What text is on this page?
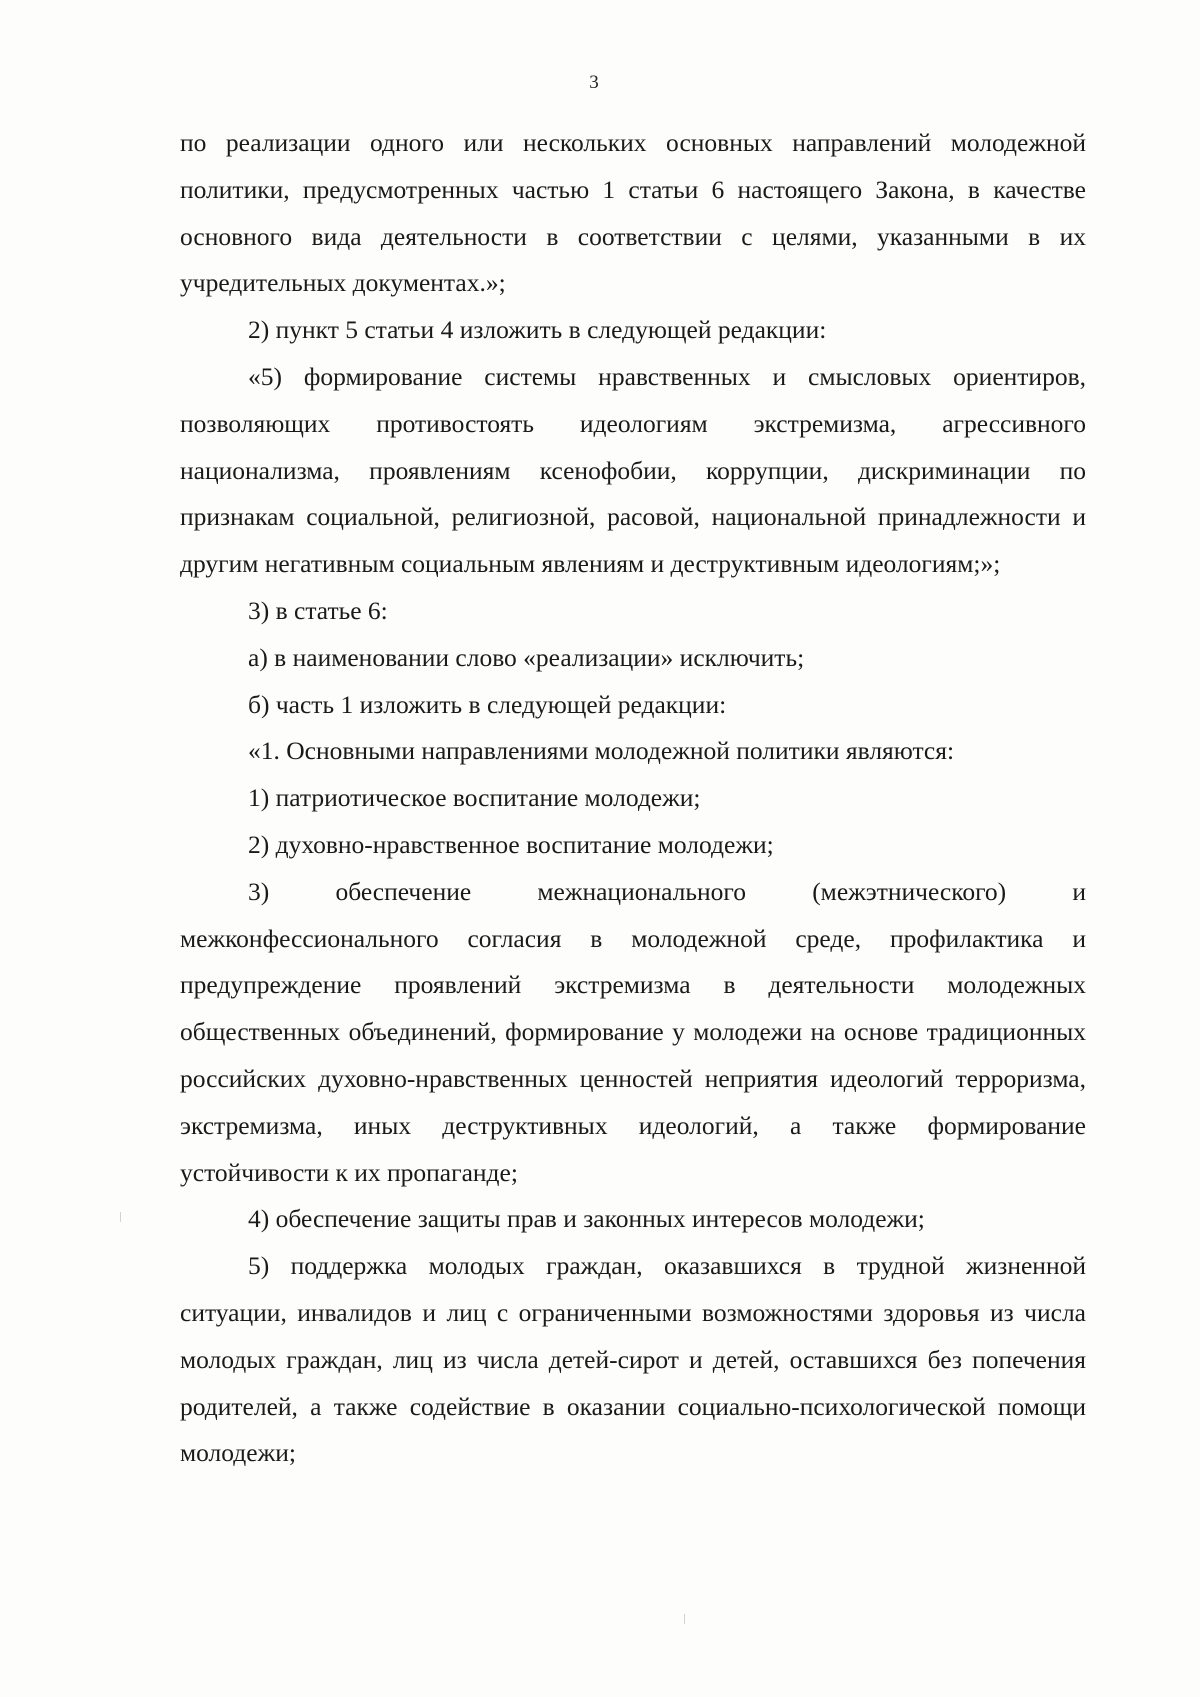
3

по реализации одного или нескольких основных направлений молодежной политики, предусмотренных частью 1 статьи 6 настоящего Закона, в качестве основного вида деятельности в соответствии с целями, указанными в их учредительных документах.»;

2) пункт 5 статьи 4 изложить в следующей редакции:

«5) формирование системы нравственных и смысловых ориентиров, позволяющих противостоять идеологиям экстремизма, агрессивного национализма, проявлениям ксенофобии, коррупции, дискриминации по признакам социальной, религиозной, расовой, национальной принадлежности и другим негативным социальным явлениям и деструктивным идеологиям;»;

3) в статье 6:

а) в наименовании слово «реализации» исключить;

б) часть 1 изложить в следующей редакции:

«1. Основными направлениями молодежной политики являются:

1) патриотическое воспитание молодежи;

2) духовно-нравственное воспитание молодежи;

3) обеспечение межнационального (межэтнического) и межконфессионального согласия в молодежной среде, профилактика и предупреждение проявлений экстремизма в деятельности молодежных общественных объединений, формирование у молодежи на основе традиционных российских духовно-нравственных ценностей неприятия идеологий терроризма, экстремизма, иных деструктивных идеологий, а также формирование устойчивости к их пропаганде;

4) обеспечение защиты прав и законных интересов молодежи;

5) поддержка молодых граждан, оказавшихся в трудной жизненной ситуации, инвалидов и лиц с ограниченными возможностями здоровья из числа молодых граждан, лиц из числа детей-сирот и детей, оставшихся без попечения родителей, а также содействие в оказании социально-психологической помощи молодежи;
